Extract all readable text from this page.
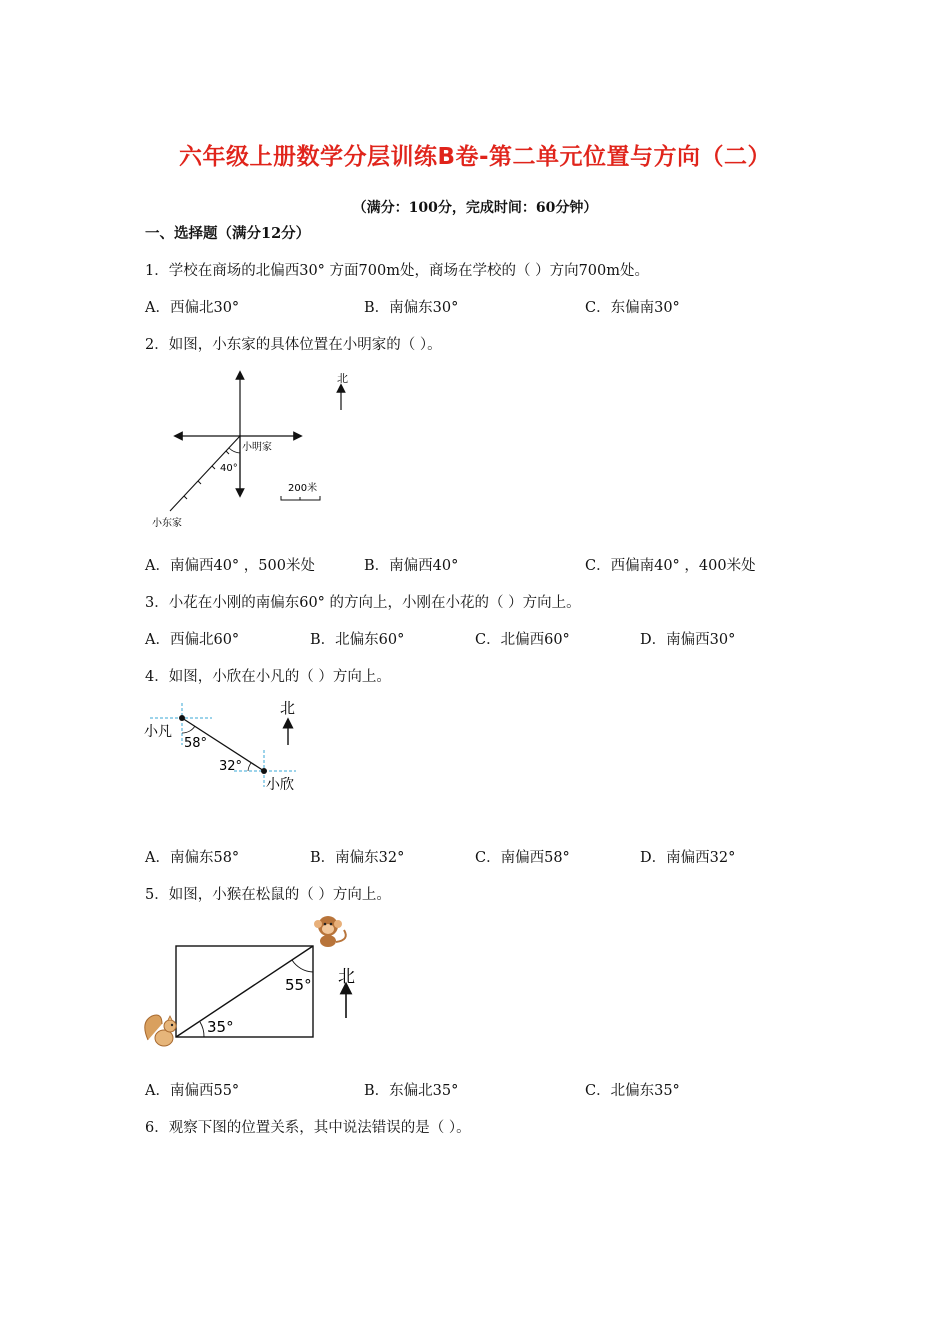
六年级上册数学分层训练B卷-第二单元位置与方向（二）
（满分：100分，完成时间：60分钟）
一、选择题（满分12分）
1．学校在商场的北偏西30° 方面700m处，商场在学校的（ ）方向700m处。
A．西偏北30°	B．南偏东30°	C．东偏南30°
2．如图，小东家的具体位置在小明家的（ ）。
小明家
40°
小东家
北
200米
A．南偏西40° ，500米处	B．南偏西40°	C．西偏南40° ，400米处
3．小花在小刚的南偏东60° 的方向上，小刚在小花的（ ）方向上。
A．西偏北60°	B．北偏东60°	C．北偏西60°	D．南偏西30°
4．如图，小欣在小凡的（ ）方向上。
小凡
58°
32°
小欣
北
A．南偏东58°	B．南偏东32°	C．南偏西58°	D．南偏西32°
5．如图，小猴在松鼠的（ ）方向上。
35°
55° 北
A．南偏西55°	B．东偏北35°	C．北偏东35°
6．观察下图的位置关系，其中说法错误的是（ ）。
